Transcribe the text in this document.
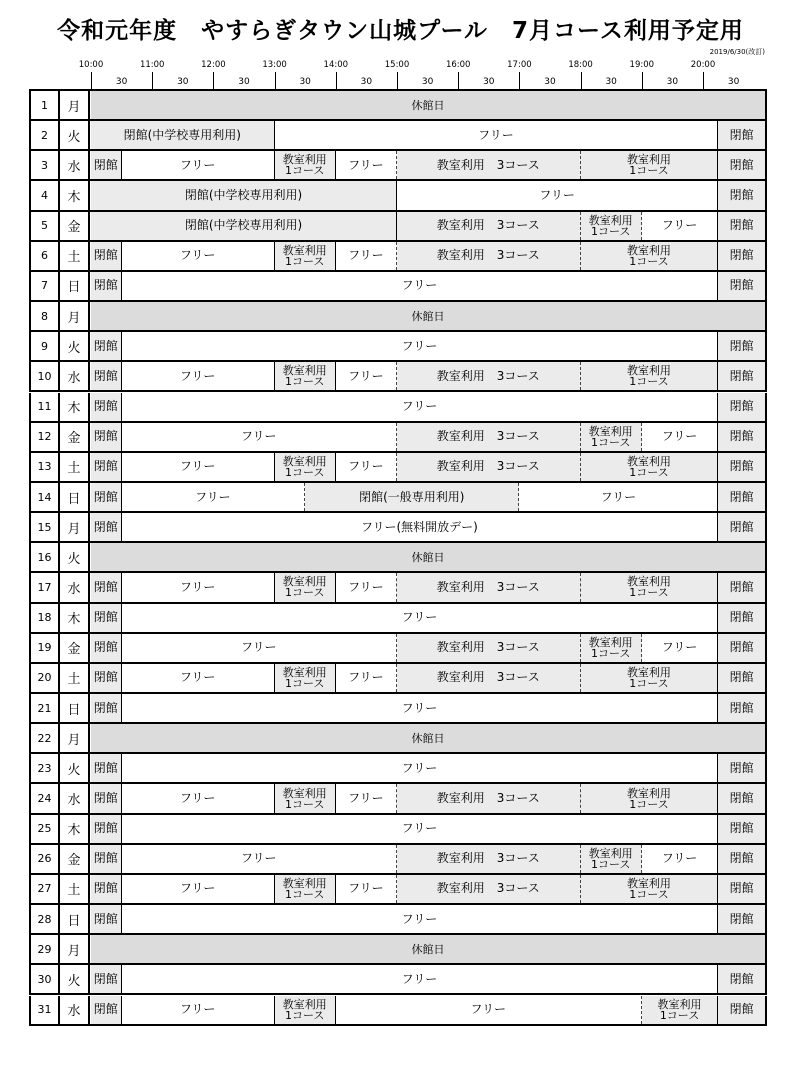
令和元年度　やすらぎタウン山城プール　7月コース利用予定用
2019/6/30(改訂)
10:00	11:00	12:00	13:00	14:00	15:00	16:00	17:00	18:00	19:00	20:00
30	30	30	30	30	30	30	30	30	30	30
1	月	休館日
2	火	閉館(中学校専用利用)	フリー	閉館
3	水	閉館	フリー	教室利用
1コース	フリー	教室利用　3コース	教室利用
1コース	閉館
4	木	閉館(中学校専用利用)	フリー	閉館
5	金	閉館(中学校専用利用)	教室利用　3コース	教室利用
1コース	フリー	閉館
6	土	閉館	フリー	教室利用
1コース	フリー	教室利用　3コース	教室利用
1コース	閉館
7	日	閉館	フリー	閉館
8	月	休館日
9	火	閉館	フリー	閉館
10	水	閉館	フリー	教室利用
1コース	フリー	教室利用　3コース	教室利用
1コース	閉館
11	木	閉館	フリー	閉館
12	金	閉館	フリー	教室利用　3コース	教室利用
1コース	フリー	閉館
13	土	閉館	フリー	教室利用
1コース	フリー	教室利用　3コース	教室利用
1コース	閉館
14	日	閉館	フリー	閉館(一般専用利用)	フリー	閉館
15	月	閉館	フリー(無料開放デー)	閉館
16	火	休館日
17	水	閉館	フリー	教室利用
1コース	フリー	教室利用　3コース	教室利用
1コース	閉館
18	木	閉館	フリー	閉館
19	金	閉館	フリー	教室利用　3コース	教室利用
1コース	フリー	閉館
20	土	閉館	フリー	教室利用
1コース	フリー	教室利用　3コース	教室利用
1コース	閉館
21	日	閉館	フリー	閉館
22	月	休館日
23	火	閉館	フリー	閉館
24	水	閉館	フリー	教室利用
1コース	フリー	教室利用　3コース	教室利用
1コース	閉館
25	木	閉館	フリー	閉館
26	金	閉館	フリー	教室利用　3コース	教室利用
1コース	フリー	閉館
27	土	閉館	フリー	教室利用
1コース	フリー	教室利用　3コース	教室利用
1コース	閉館
28	日	閉館	フリー	閉館
29	月	休館日
30	火	閉館	フリー	閉館
31	水	閉館	フリー	教室利用
1コース	フリー	教室利用
1コース	閉館
